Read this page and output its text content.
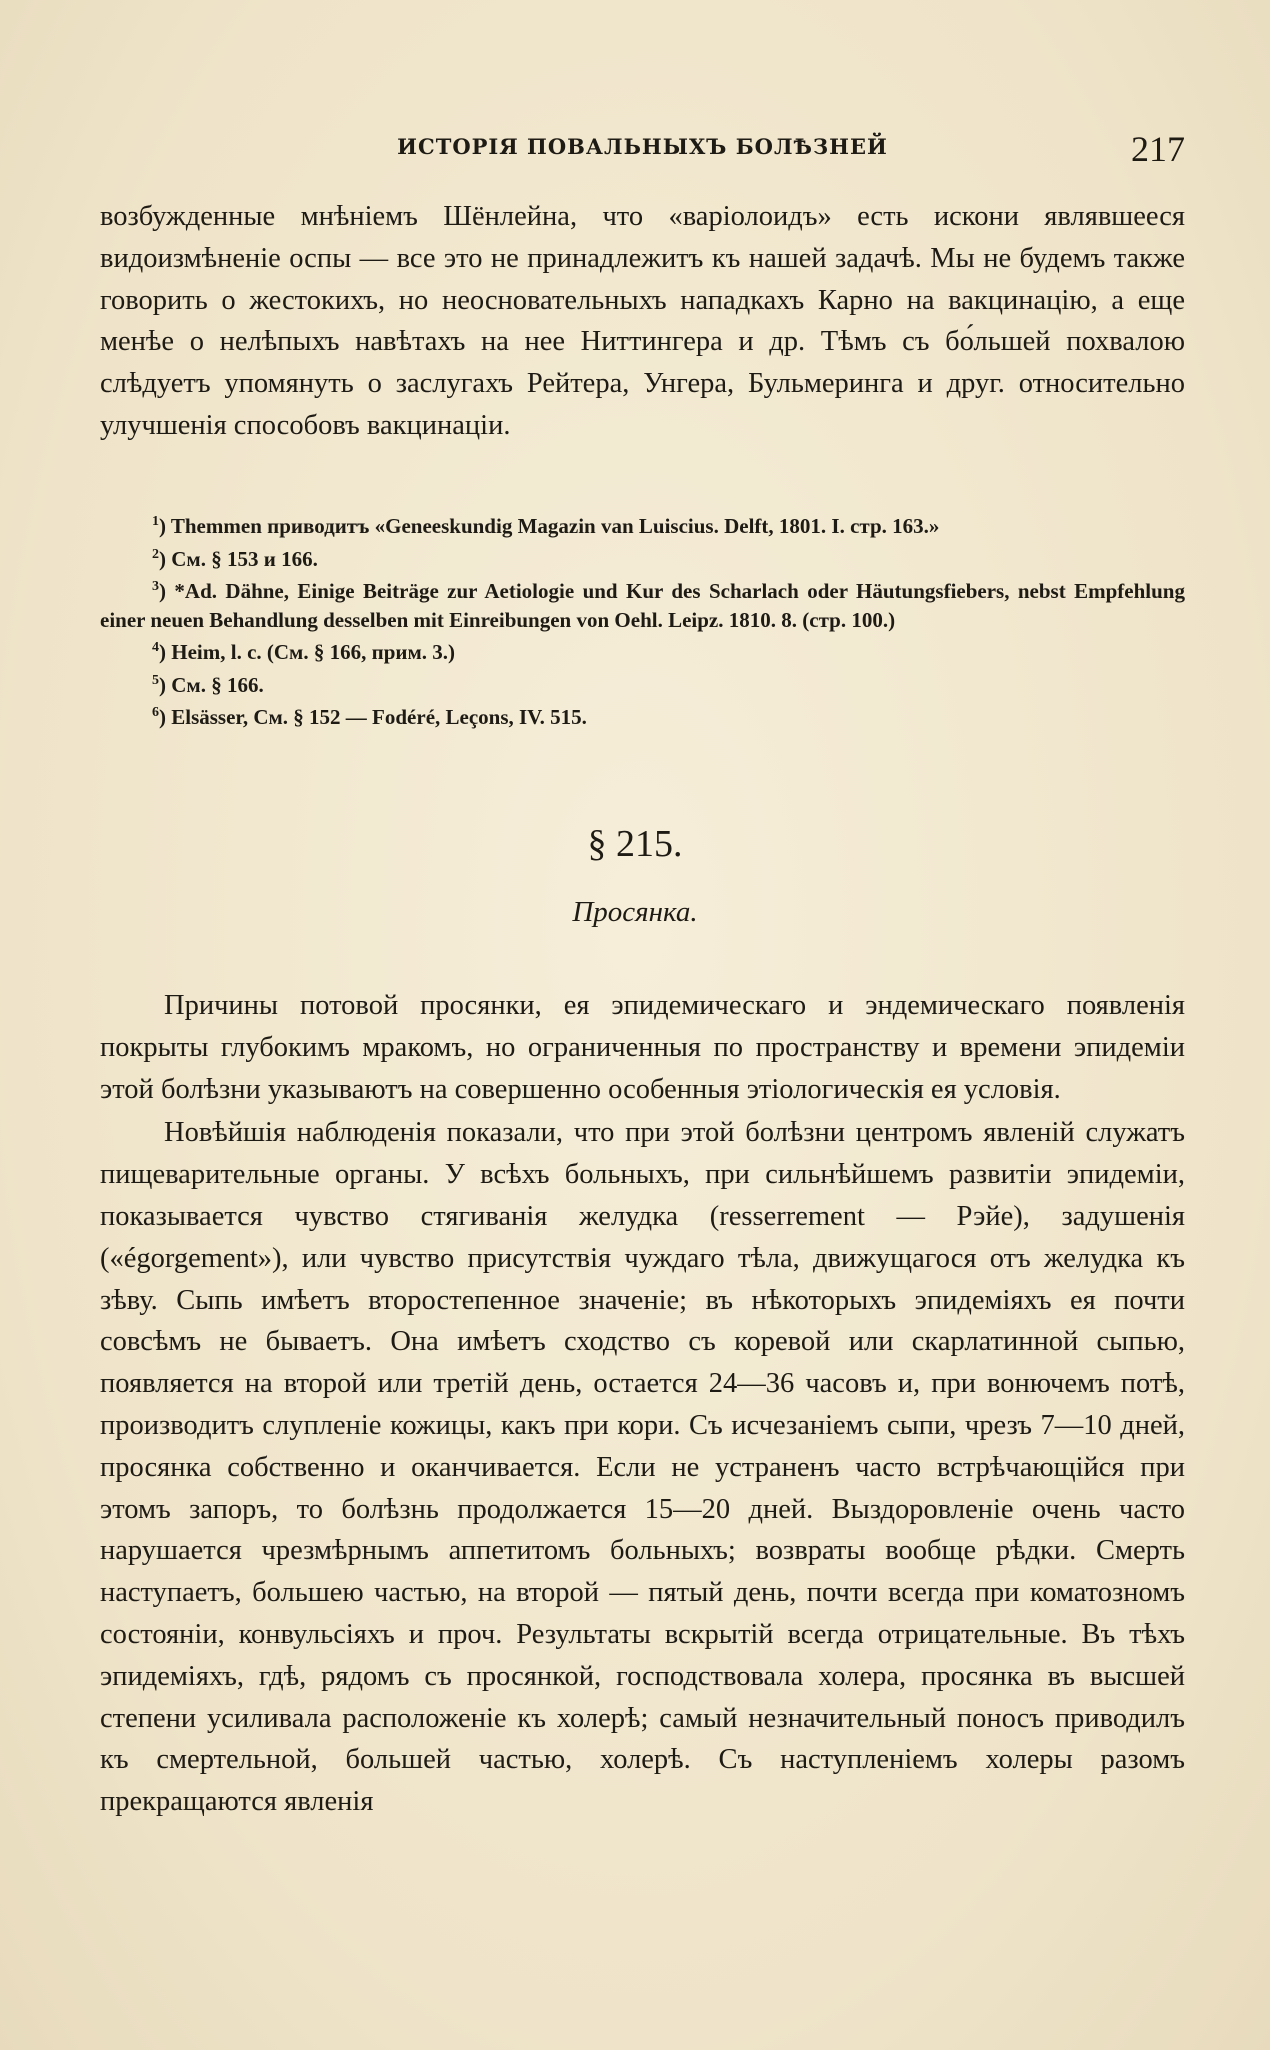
ИСТОРІЯ ПОВАЛЬНЫХЪ БОЛѢЗНЕЙ	217

возбужденные мнѣніемъ Шёнлейна, что «варіолоидъ» есть искони являвшееся видоизмѣненіе оспы — все это не принадлежитъ къ нашей задачѣ. Мы не будемъ также говорить о жестокихъ, но неосновательныхъ нападкахъ Карно на вакцинацію, а еще менѣе о нелѣпыхъ навѣтахъ на нее Ниттингера и др. Тѣмъ съ бо́льшей похвалою слѣдуетъ упомянуть о заслугахъ Рейтера, Унгера, Бульмеринга и друг. относительно улучшенія способовъ вакцинаціи.

$^1$) Themmen приводитъ «Geneeskundig Magazin van Luiscius. Delft, 1801. I. стр. 163.»

$^2$) См. § 153 и 166.

$^3$) *Ad. Dähne, Einige Beiträge zur Aetiologie und Kur des Scharlach oder Häutungsfiebers, nebst Empfehlung einer neuen Behandlung desselben mit Einreibungen von Oehl. Leipz. 1810. 8. (стр. 100.)

$^4$) Heim, l. c. (См. § 166, прим. 3.)

$^5$) См. § 166.

$^6$) Elsässer, См. § 152 — Fodéré, Leçons, IV. 515.

§ 215.
Просянка.

Причины потовой просянки, ея эпидемическаго и эндемическаго появленія покрыты глубокимъ мракомъ, но ограниченныя по пространству и времени эпидеміи этой болѣзни указываютъ на совершенно особенныя этіологическія ея условія.

Новѣйшія наблюденія показали, что при этой болѣзни центромъ явленій служатъ пищеварительные органы. У всѣхъ больныхъ, при сильнѣйшемъ развитіи эпидеміи, показывается чувство стягиванія желудка (resserrement — Рэйе), задушенія («égorgement»), или чувство присутствія чуждаго тѣла, движущагося отъ желудка къ зѣву. Сыпь имѣетъ второстепенное значеніе; въ нѣкоторыхъ эпидеміяхъ ея почти совсѣмъ не бываетъ. Она имѣетъ сходство съ коревой или скарлатинной сыпью, появляется на второй или третій день, остается 24—36 часовъ и, при вонючемъ потѣ, производитъ слупленіе кожицы, какъ при кори. Съ исчезаніемъ сыпи, чрезъ 7—10 дней, просянка собственно и оканчивается. Если не устраненъ часто встрѣчающійся при этомъ запоръ, то болѣзнь продолжается 15—20 дней. Выздоровленіе очень часто нарушается чрезмѣрнымъ аппетитомъ больныхъ; возвраты вообще рѣдки. Смерть наступаетъ, большею частью, на второй — пятый день, почти всегда при коматозномъ состояніи, конвульсіяхъ и проч. Результаты вскрытій всегда отрицательные. Въ тѣхъ эпидеміяхъ, гдѣ, рядомъ съ просянкой, господствовала холера, просянка въ высшей степени усиливала расположеніе къ холерѣ; самый незначительный поносъ приводилъ къ смертельной, большей частью, холерѣ. Съ наступленіемъ холеры разомъ прекращаются явленія
